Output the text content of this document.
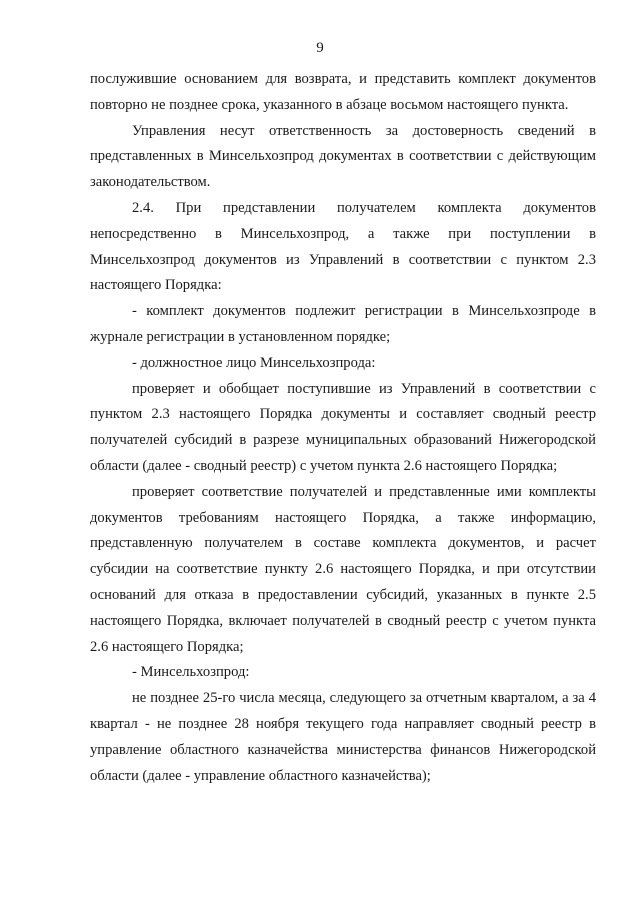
9

послужившие основанием для возврата, и представить комплект документов повторно не позднее срока, указанного в абзаце восьмом настоящего пункта.

Управления несут ответственность за достоверность сведений в представленных в Минсельхозпрод документах в соответствии с действующим законодательством.

2.4. При представлении получателем комплекта документов непосредственно в Минсельхозпрод, а также при поступлении в Минсельхозпрод документов из Управлений в соответствии с пунктом 2.3 настоящего Порядка:

- комплект документов подлежит регистрации в Минсельхозпроде в журнале регистрации в установленном порядке;

- должностное лицо Минсельхозпрода:

проверяет и обобщает поступившие из Управлений в соответствии с пунктом 2.3 настоящего Порядка документы и составляет сводный реестр получателей субсидий в разрезе муниципальных образований Нижегородской области (далее - сводный реестр) с учетом пункта 2.6 настоящего Порядка;

проверяет соответствие получателей и представленные ими комплекты документов требованиям настоящего Порядка, а также информацию, представленную получателем в составе комплекта документов, и расчет субсидии на соответствие пункту 2.6 настоящего Порядка, и при отсутствии оснований для отказа в предоставлении субсидий, указанных в пункте 2.5 настоящего Порядка, включает получателей в сводный реестр с учетом пункта 2.6 настоящего Порядка;

- Минсельхозпрод:

не позднее 25-го числа месяца, следующего за отчетным кварталом, а за 4 квартал - не позднее 28 ноября текущего года направляет сводный реестр в управление областного казначейства министерства финансов Нижегородской области (далее - управление областного казначейства);
